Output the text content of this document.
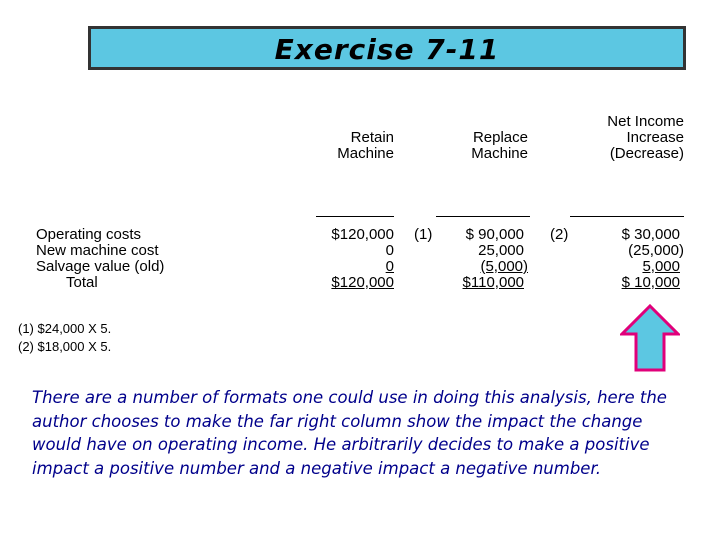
Exercise 7-11
Retain
Machine
Replace
Machine
Net Income
Increase
(Decrease)
Operating costs
New machine cost
Salvage value (old)
Total
$120,000
0
0
$120,000
(1) $ 90,000
25,000
(5,000)
$110,000
(2)	$ 30,000
(25,000)
5,000
$ 10,000
(1) $24,000 X 5.
(2) $18,000 X 5.
There are a number of formats one could use in doing this analysis, here the author chooses to make the far right column show the impact the change would have on operating income. He arbitrarily decides to make a positive impact a positive number and a negative impact a negative number.
